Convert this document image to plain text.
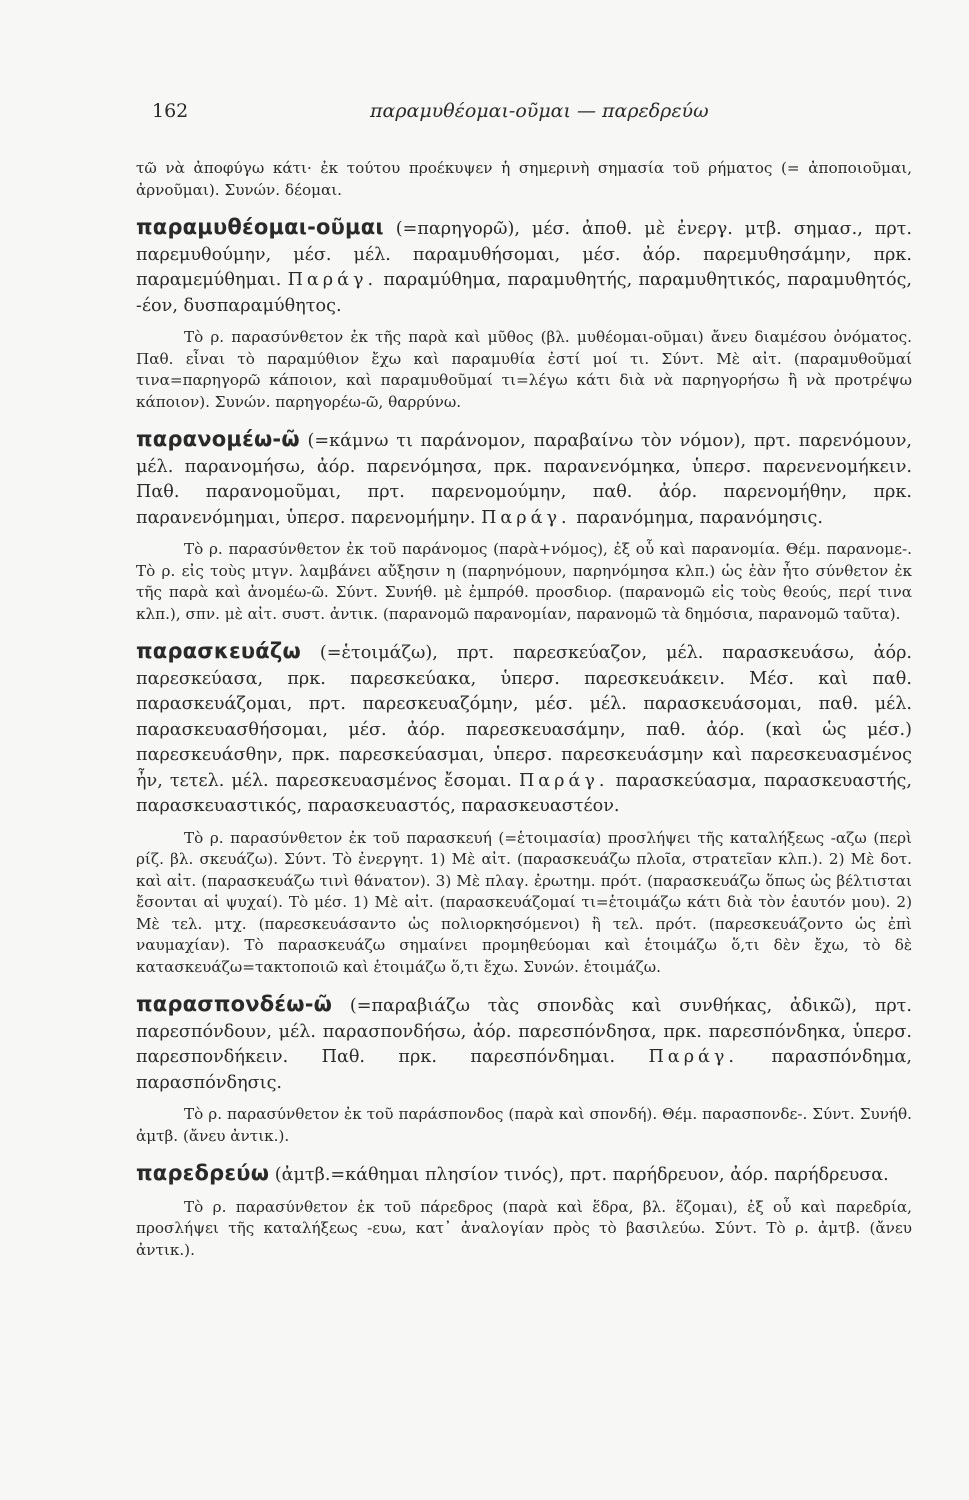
162	παραμυθέομαι-οῦμαι — παρεδρεύω

τῶ νὰ ἀποφύγω κάτι· ἐκ τούτου προέκυψεν ἡ σημερινὴ σημασία τοῦ ρήματος (= ἀποποιοῦμαι, ἀρνοῦμαι). Συνών. δέομαι.

παραμυθέομαι-οῦμαι (=παρηγορῶ), μέσ. ἀποθ. μὲ ἐνεργ. μτβ. σημασ., πρτ. παρεμυθούμην, μέσ. μέλ. παραμυθήσομαι, μέσ. ἀόρ. παρεμυθησάμην, πρκ. παραμεμύθημαι. Παράγ. παραμύθημα, παραμυθητής, παραμυθητικός, παραμυθητός, -έον, δυσπαραμύθητος.

Τὸ ρ. παρασύνθετον ἐκ τῆς παρὰ καὶ μῦθος (βλ. μυθέομαι-οῦμαι) ἄνευ διαμέσου ὀνόματος. Παθ. εἶναι τὸ παραμύθιον ἔχω καὶ παραμυθία ἐστί μοί τι. Σύντ. Μὲ αἰτ. (παραμυθοῦμαί τινα=παρηγορῶ κάποιον, καὶ παραμυθοῦμαί τι=λέγω κάτι διὰ νὰ παρηγορήσω ἢ νὰ προτρέψω κάποιον). Συνών. παρηγορέω-ῶ, θαρρύνω.

παρανομέω-ῶ (=κάμνω τι παράνομον, παραβαίνω τὸν νόμον), πρτ. παρενόμουν, μέλ. παρανομήσω, ἀόρ. παρενόμησα, πρκ. παρανενόμηκα, ὑπερσ. παρενενομήκειν. Παθ. παρανομοῦμαι, πρτ. παρενομούμην, παθ. ἀόρ. παρενομήθην, πρκ. παρανενόμημαι, ὑπερσ. παρενομήμην. Παράγ. παρανόμημα, παρανόμησις.

Τὸ ρ. παρασύνθετον ἐκ τοῦ παράνομος (παρὰ+νόμος), ἐξ οὗ καὶ παρανομία. Θέμ. παρανομε-. Τὸ ρ. εἰς τοὺς μτγν. λαμβάνει αὔξησιν η (παρηνόμουν, παρηνόμησα κλπ.) ὡς ἐὰν ἦτο σύνθετον ἐκ τῆς παρὰ καὶ ἀνομέω-ῶ. Σύντ. Συνήθ. μὲ ἐμπρόθ. προσδιορ. (παρανομῶ εἰς τοὺς θεούς, περί τινα κλπ.), σπν. μὲ αἰτ. συστ. ἀντικ. (παρανομῶ παρανομίαν, παρανομῶ τὰ δημόσια, παρανομῶ ταῦτα).

παρασκευάζω (=ἑτοιμάζω), πρτ. παρεσκεύαζον, μέλ. παρασκευάσω, ἀόρ. παρεσκεύασα, πρκ. παρεσκεύακα, ὑπερσ. παρεσκευάκειν. Μέσ. καὶ παθ. παρασκευάζομαι, πρτ. παρεσκευαζόμην, μέσ. μέλ. παρασκευάσομαι, παθ. μέλ. παρασκευασθήσομαι, μέσ. ἀόρ. παρεσκευασάμην, παθ. ἀόρ. (καὶ ὡς μέσ.) παρεσκευάσθην, πρκ. παρεσκεύασμαι, ὑπερσ. παρεσκευάσμην καὶ παρεσκευασμένος ἦν, τετελ. μέλ. παρεσκευασμένος ἔσομαι. Παράγ. παρασκεύασμα, παρασκευαστής, παρασκευαστικός, παρασκευαστός, παρασκευαστέον.

Τὸ ρ. παρασύνθετον ἐκ τοῦ παρασκευή (=ἑτοιμασία) προσλήψει τῆς καταλήξεως -αζω (περὶ ρίζ. βλ. σκευάζω). Σύντ. Τὸ ἐνεργητ. 1) Μὲ αἰτ. (παρασκευάζω πλοῖα, στρατεῖαν κλπ.). 2) Μὲ δοτ. καὶ αἰτ. (παρασκευάζω τινὶ θάνατον). 3) Μὲ πλαγ. ἐρωτημ. πρότ. (παρασκευάζω ὅπως ὡς βέλτισται ἔσονται αἱ ψυχαί). Τὸ μέσ. 1) Μὲ αἰτ. (παρασκευάζομαί τι=ἑτοιμάζω κάτι διὰ τὸν ἑαυτόν μου). 2) Μὲ τελ. μτχ. (παρεσκευάσαντο ὡς πολιορκησόμενοι) ἢ τελ. πρότ. (παρεσκευάζοντο ὡς ἐπὶ ναυμαχίαν). Τὸ παρασκευάζω σημαίνει προμηθεύομαι καὶ ἑτοιμάζω ὅ,τι δὲν ἔχω, τὸ δὲ κατασκευάζω=τακτοποιῶ καὶ ἑτοιμάζω ὅ,τι ἔχω. Συνών. ἑτοιμάζω.

παρασπονδέω-ῶ (=παραβιάζω τὰς σπονδὰς καὶ συνθήκας, ἀδικῶ), πρτ. παρεσπόνδουν, μέλ. παρασπονδήσω, ἀόρ. παρεσπόνδησα, πρκ. παρεσπόνδηκα, ὑπερσ. παρεσπονδήκειν. Παθ. πρκ. παρεσπόνδημαι. Παράγ. παρασπόνδημα, παρασπόνδησις.

Τὸ ρ. παρασύνθετον ἐκ τοῦ παράσπονδος (παρὰ καὶ σπονδή). Θέμ. παρασπονδε-. Σύντ. Συνήθ. ἀμτβ. (ἄνευ ἀντικ.).

παρεδρεύω (ἀμτβ.=κάθημαι πλησίον τινός), πρτ. παρήδρευον, ἀόρ. παρήδρευσα.

Τὸ ρ. παρασύνθετον ἐκ τοῦ πάρεδρος (παρὰ καὶ ἕδρα, βλ. ἕζομαι), ἐξ οὗ καὶ παρεδρία, προσλήψει τῆς καταλήξεως -ευω, κατ᾽ ἀναλογίαν πρὸς τὸ βασιλεύω. Σύντ. Τὸ ρ. ἀμτβ. (ἄνευ ἀντικ.).
